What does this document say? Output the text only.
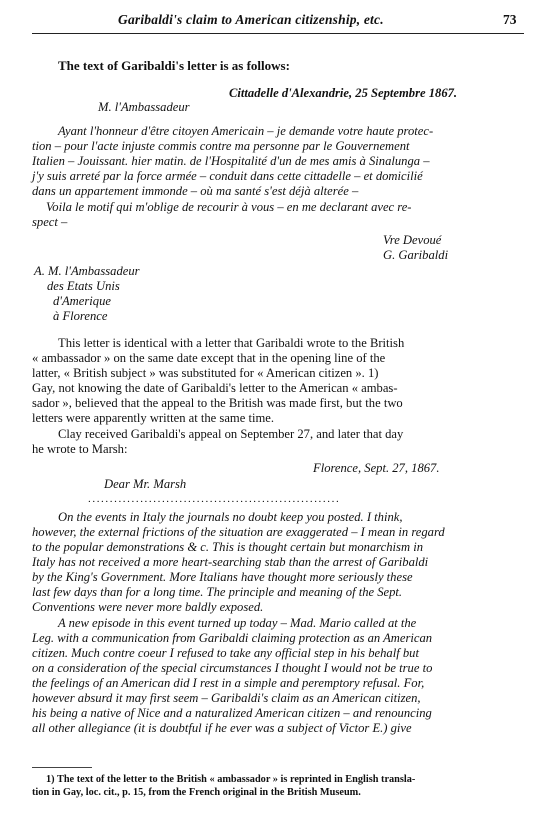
Garibaldi's claim to American citizenship, etc.	73
The text of Garibaldi's letter is as follows:
Cittadelle d'Alexandrie, 25 Septembre 1867.
M. l'Ambassadeur
Ayant l'honneur d'être citoyen Americain – je demande votre haute protec-
tion – pour l'acte injuste commis contre ma personne par le Gouvernement
Italien – Jouissant. hier matin. de l'Hospitalité d'un de mes amis à Sinalunga –
j'y suis arreté par la force armée – conduit dans cette cittadelle – et domicilié
dans un appartement immonde – où ma santé s'est déjà alterée –
Voila le motif qui m'oblige de recourir à vous – en me declarant avec re-
spect –
Vre Devoué
G. Garibaldi
A. M. l'Ambassadeur
des Etats Unis
d'Amerique
à Florence
This letter is identical with a letter that Garibaldi wrote to the British
« ambassador » on the same date except that in the opening line of the
latter, « British subject » was substituted for « American citizen ». 1)
Gay, not knowing the date of Garibaldi's letter to the American « ambas-
sador », believed that the appeal to the British was made first, but the two
letters were apparently written at the same time.
Clay received Garibaldi's appeal on September 27, and later that day
he wrote to Marsh:
Florence, Sept. 27, 1867.
Dear Mr. Marsh
..........................................................
On the events in Italy the journals no doubt keep you posted. I think,
however, the external frictions of the situation are exaggerated – I mean in regard
to the popular demonstrations & c. This is thought certain but monarchism in
Italy has not received a more heart-searching stab than the arrest of Garibaldi
by the King's Government. More Italians have thought more seriously these
last few days than for a long time. The principle and meaning of the Sept.
Conventions were never more baldly exposed.
A new episode in this event turned up today – Mad. Mario called at the
Leg. with a communication from Garibaldi claiming protection as an American
citizen. Much contre coeur I refused to take any official step in his behalf but
on a consideration of the special circumstances I thought I would not be true to
the feelings of an American did I rest in a simple and peremptory refusal. For,
however absurd it may first seem – Garibaldi's claim as an American citizen,
his being a native of Nice and a naturalized American citizen – and renouncing
all other allegiance (it is doubtful if he ever was a subject of Victor E.) give
1) The text of the letter to the British « ambassador » is reprinted in English transla-
tion in Gay, loc. cit., p. 15, from the French original in the British Museum.
